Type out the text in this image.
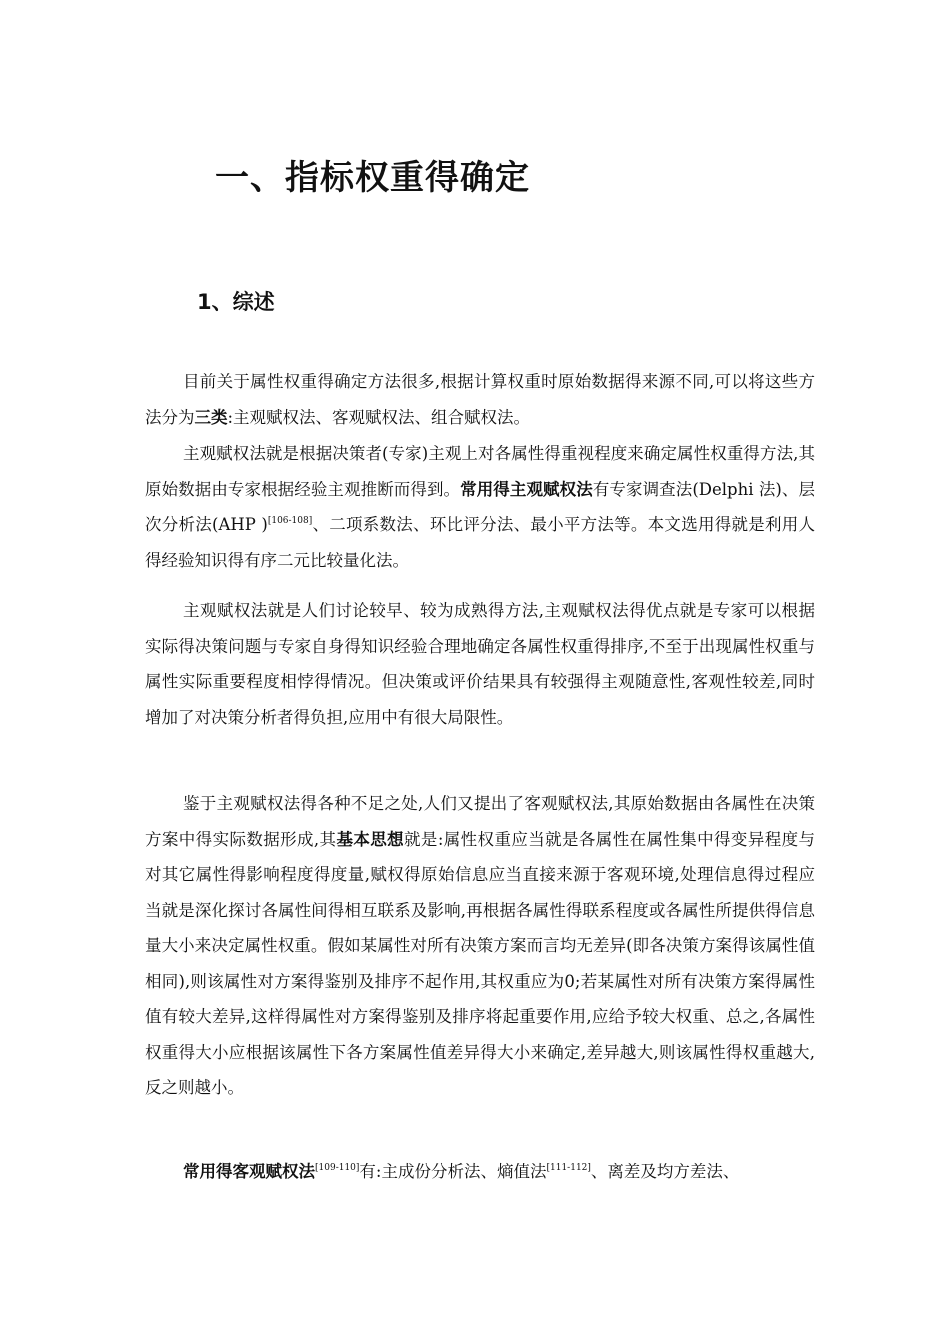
一、指标权重得确定
1、综述

目前关于属性权重得确定方法很多,根据计算权重时原始数据得来源不同,可以将这些方法分为三类:主观赋权法、客观赋权法、组合赋权法。

主观赋权法就是根据决策者(专家)主观上对各属性得重视程度来确定属性权重得方法,其原始数据由专家根据经验主观推断而得到。常用得主观赋权法有专家调查法(Delphi 法)、层次分析法(AHP )[106-108]、二项系数法、环比评分法、最小平方法等。本文选用得就是利用人得经验知识得有序二元比较量化法。

主观赋权法就是人们讨论较早、较为成熟得方法,主观赋权法得优点就是专家可以根据实际得决策问题与专家自身得知识经验合理地确定各属性权重得排序,不至于出现属性权重与属性实际重要程度相悖得情况。但决策或评价结果具有较强得主观随意性,客观性较差,同时增加了对决策分析者得负担,应用中有很大局限性。

鉴于主观赋权法得各种不足之处,人们又提出了客观赋权法,其原始数据由各属性在决策方案中得实际数据形成,其基本思想就是:属性权重应当就是各属性在属性集中得变异程度与对其它属性得影响程度得度量,赋权得原始信息应当直接来源于客观环境,处理信息得过程应当就是深化探讨各属性间得相互联系及影响,再根据各属性得联系程度或各属性所提供得信息量大小来决定属性权重。假如某属性对所有决策方案而言均无差异(即各决策方案得该属性值相同),则该属性对方案得鉴别及排序不起作用,其权重应为0;若某属性对所有决策方案得属性值有较大差异,这样得属性对方案得鉴别及排序将起重要作用,应给予较大权重、总之,各属性权重得大小应根据该属性下各方案属性值差异得大小来确定,差异越大,则该属性得权重越大,反之则越小。

常用得客观赋权法[109-110]有:主成份分析法、熵值法[111-112]、离差及均方差法、
